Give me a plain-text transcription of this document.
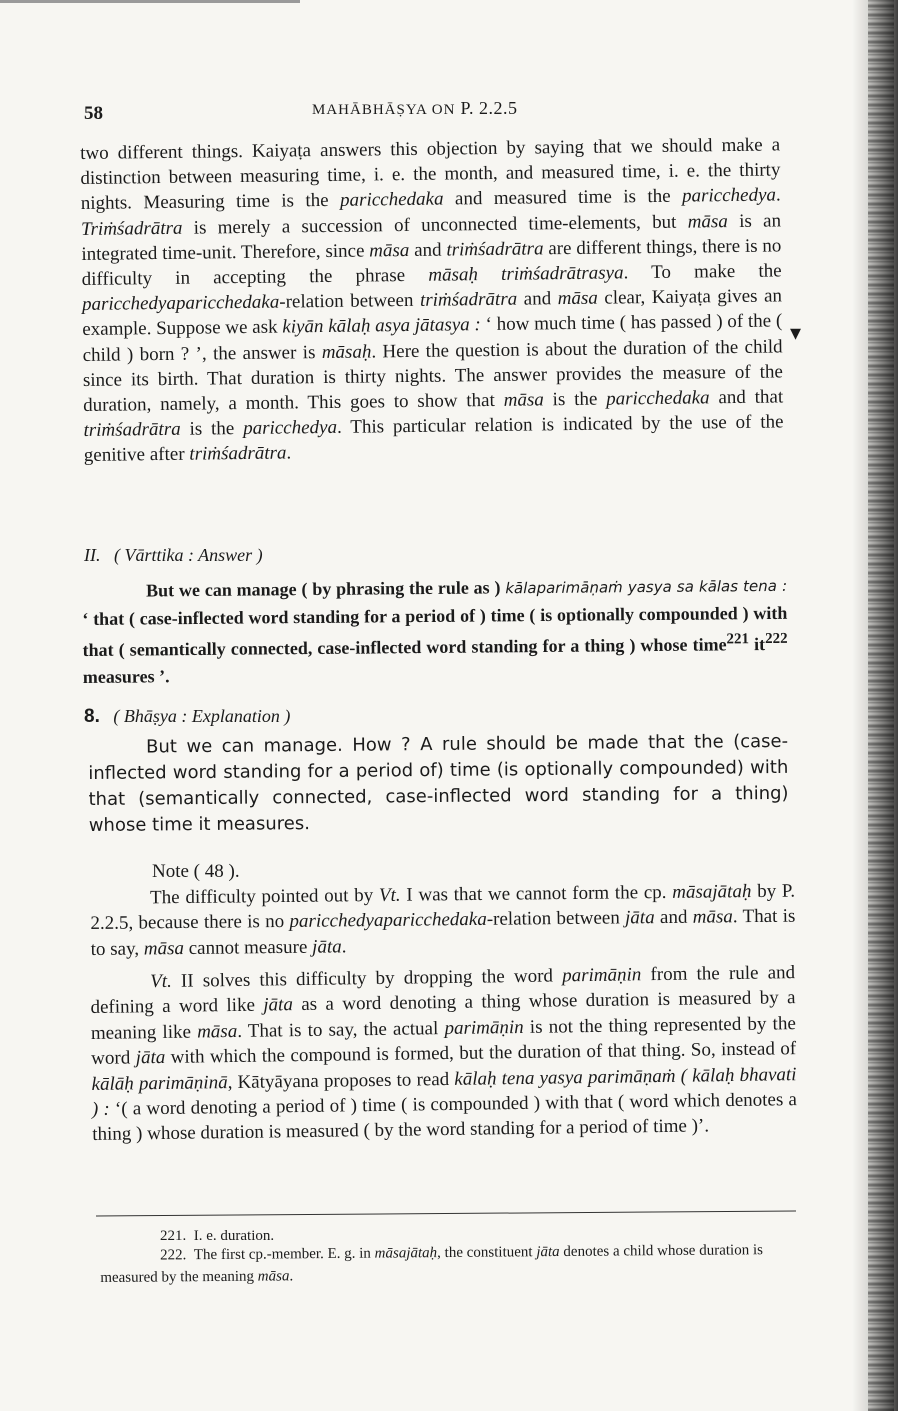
58	MAHĀBHĀṢYA ON P. 2.2.5
two different things. Kaiyaṭa answers this objection by saying that we should make a distinction between measuring time, i. e. the month, and measured time, i. e. the thirty nights. Measuring time is the paricchedaka and measured time is the paricchedya. Triṁśadrātra is merely a succession of unconnected time-elements, but māsa is an integrated time-unit. Therefore, since māsa and triṁśadrātra are different things, there is no difficulty in accepting the phrase māsaḥ triṁśadrātrasya. To make the paricchedyaparicchedaka-relation between triṁśadrātra and māsa clear, Kaiyaṭa gives an example. Suppose we ask kiyān kālaḥ asya jātasya : ‘ how much time ( has passed ) of the ( child ) born ? ’, the answer is māsaḥ. Here the question is about the duration of the child since its birth. That duration is thirty nights. The answer provides the measure of the duration, namely, a month. This goes to show that māsa is the paricchedaka and that triṁśadrātra is the paricchedya. This particular relation is indicated by the use of the genitive after triṁśadrātra.
▾
II. ( Vārttika : Answer )
But we can manage ( by phrasing the rule as ) kālaparimāṇaṁ yasya sa kālas tena : ‘ that ( case-inflected word standing for a period of ) time ( is optionally compounded ) with that ( semantically connected, case-inflected word standing for a thing ) whose time$^{221}$ $it^{222}$ measures ’.
8. ( Bhāṣya : Explanation )
But we can manage. How ? A rule should be made that the (case-inflected word standing for a period of) time (is optionally compounded) with that (semantically connected, case-inflected word standing for a thing) whose time it measures.
Note ( 48 ).
The difficulty pointed out by Vt. I was that we cannot form the cp. māsajātaḥ by P. 2.2.5, because there is no paricchedyaparicchedaka-relation between jāta and māsa. That is to say, māsa cannot measure jāta.
Vt. II solves this difficulty by dropping the word parimāṇin from the rule and defining a word like jāta as a word denoting a thing whose duration is measured by a meaning like māsa. That is to say, the actual parimāṇin is not the thing represented by the word jāta with which the compound is formed, but the duration of that thing. So, instead of kālāḥ parimāṇinā, Kātyāyana proposes to read kālaḥ tena yasya parimāṇaṁ ( kālaḥ bhavati ) : ‘( a word denoting a period of ) time ( is compounded ) with that ( word which denotes a thing ) whose duration is measured ( by the word standing for a period of time )’.
221. I. e. duration.
222. The first cp.-member. E. g. in māsajātaḥ, the constituent jāta denotes a child whose duration is measured by the meaning māsa.
